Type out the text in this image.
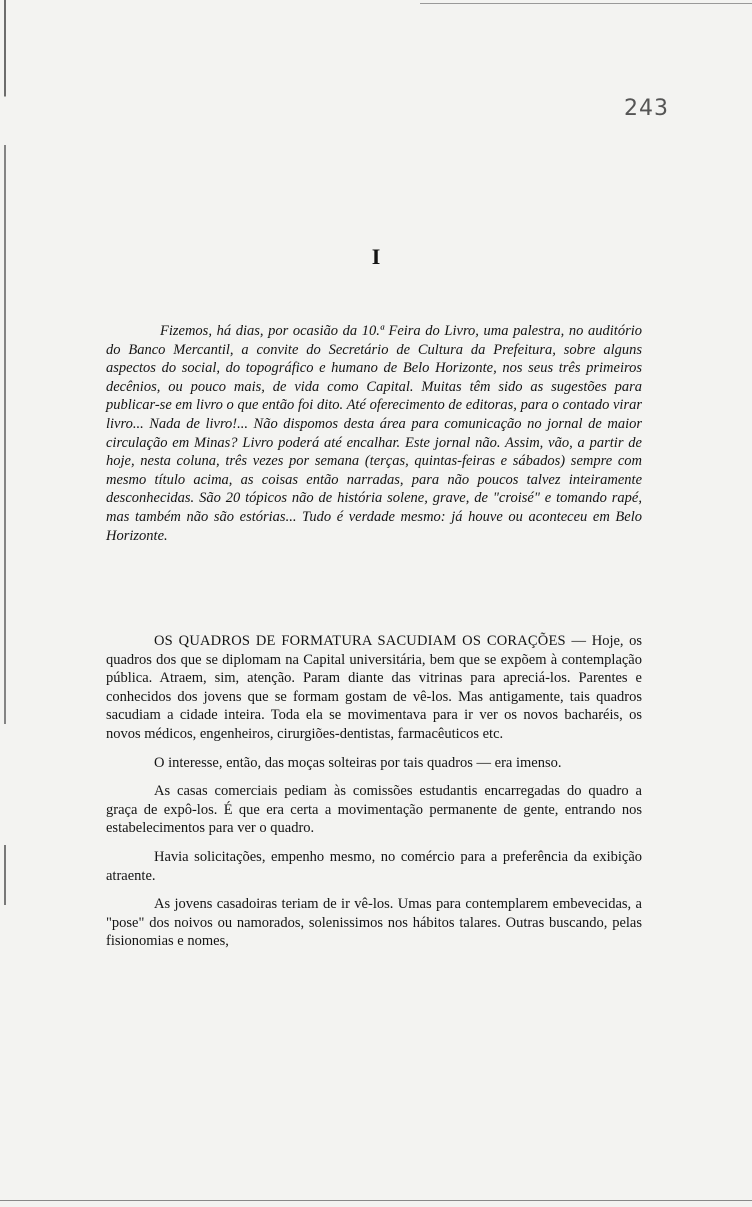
243
I

Fizemos, há dias, por ocasião da 10.ª Feira do Livro, uma palestra, no auditório do Banco Mercantil, a convite do Secretário de Cultura da Prefeitura, sobre alguns aspectos do social, do topográfico e humano de Belo Horizonte, nos seus três primeiros decênios, ou pouco mais, de vida como Capital. Muitas têm sido as sugestões para publicar-se em livro o que então foi dito. Até oferecimento de editoras, para o contado virar livro... Nada de livro!... Não dispomos desta área para comunicação no jornal de maior circulação em Minas? Livro poderá até encalhar. Este jornal não. Assim, vão, a partir de hoje, nesta coluna, três vezes por semana (terças, quintas-feiras e sábados) sempre com mesmo título acima, as coisas então narradas, para não poucos talvez inteiramente desconhecidas. São 20 tópicos não de história solene, grave, de "croisé" e tomando rapé, mas também não são estórias... Tudo é verdade mesmo: já houve ou aconteceu em Belo Horizonte.

OS QUADROS DE FORMATURA SACUDIAM OS CORAÇÕES — Hoje, os quadros dos que se diplomam na Capital universitária, bem que se expõem à contemplação pública. Atraem, sim, atenção. Param diante das vitrinas para apreciá-los. Parentes e conhecidos dos jovens que se formam gostam de vê-los. Mas antigamente, tais quadros sacudiam a cidade inteira. Toda ela se movimentava para ir ver os novos bacharéis, os novos médicos, engenheiros, cirurgiões-dentistas, farmacêuticos etc.

O interesse, então, das moças solteiras por tais quadros — era imenso.

As casas comerciais pediam às comissões estudantis encarregadas do quadro a graça de expô-los. É que era certa a movimentação permanente de gente, entrando nos estabelecimentos para ver o quadro.

Havia solicitações, empenho mesmo, no comércio para a preferência da exibição atraente.

As jovens casadoiras teriam de ir vê-los. Umas para contemplarem embevecidas, a "pose" dos noivos ou namorados, solenissimos nos hábitos talares. Outras buscando, pelas fisionomias e nomes,
